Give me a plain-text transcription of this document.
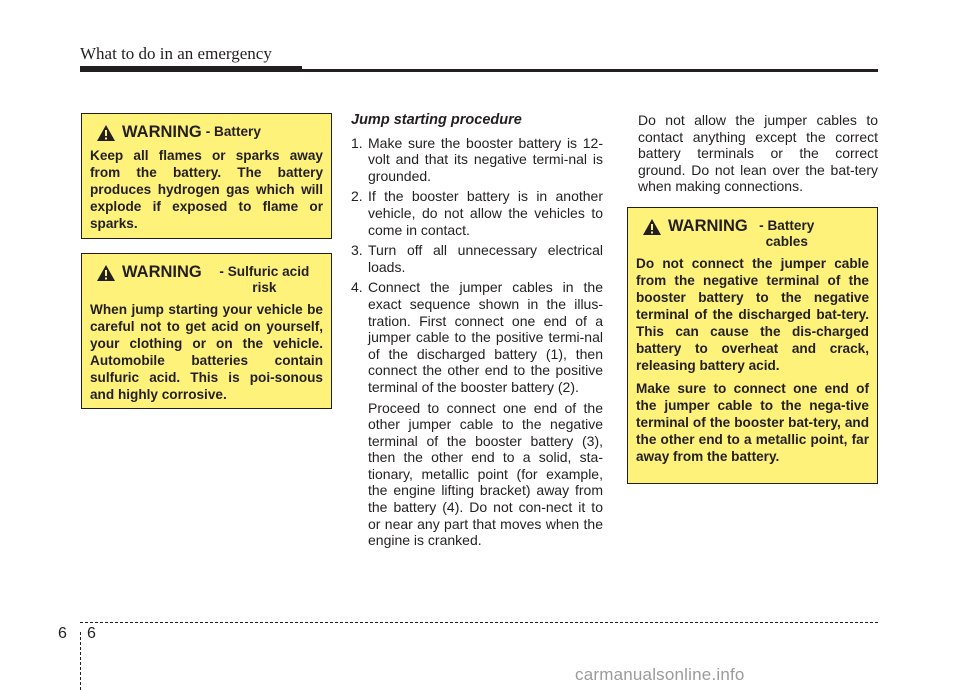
What to do in an emergency
WARNING - Battery

Keep all flames or sparks away from the battery. The battery produces hydrogen gas which will explode if exposed to flame or sparks.

WARNING	- Sulfuric acid risk

When jump starting your vehicle be careful not to get acid on yourself, your clothing or on the vehicle. Automobile batteries contain sulfuric acid. This is poi-sonous and highly corrosive.

Jump starting procedure
1. Make sure the booster battery is 12-volt and that its negative termi-nal is grounded.
2. If the booster battery is in another vehicle, do not allow the vehicles to come in contact.
3. Turn off all unnecessary electrical loads.
4. Connect the jumper cables in the exact sequence shown in the illus-tration. First connect one end of a jumper cable to the positive termi-nal of the discharged battery (1), then connect the other end to the positive terminal of the booster battery (2).
Proceed to connect one end of the other jumper cable to the negative terminal of the booster battery (3), then the other end to a solid, sta-tionary, metallic point (for example, the engine lifting bracket) away from the battery (4). Do not con-nect it to or near any part that moves when the engine is cranked.
Do not allow the jumper cables to contact anything except the correct battery terminals or the correct ground. Do not lean over the bat-tery when making connections.
WARNING - Battery cables

Do not connect the jumper cable from the negative terminal of the booster battery to the negative terminal of the discharged bat-tery. This can cause the dis-charged battery to overheat and crack, releasing battery acid.

Make sure to connect one end of the jumper cable to the nega-tive terminal of the booster bat-tery, and the other end to a metallic point, far away from the battery.

6 6
carmanualsonline.info
